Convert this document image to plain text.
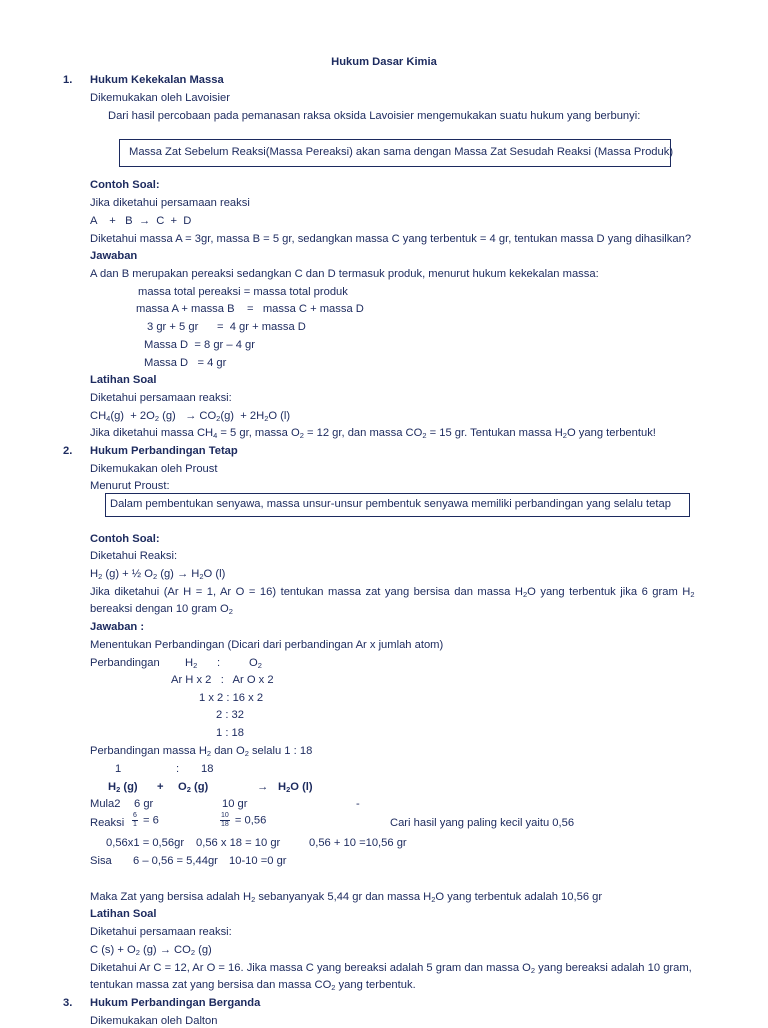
Hukum Dasar Kimia
1. Hukum Kekekalan Massa
Dikemukakan oleh Lavoisier
Dari hasil percobaan pada pemanasan raksa oksida Lavoisier mengemukakan suatu hukum yang berbunyi:
Massa Zat Sebelum Reaksi(Massa Pereaksi) akan sama dengan Massa Zat Sesudah Reaksi (Massa Produk)
Contoh Soal:
Jika diketahui persamaan reaksi
A    +   B  →  C  +  D
Diketahui massa A = 3gr, massa B = 5 gr, sedangkan massa C yang terbentuk = 4 gr, tentukan massa D yang dihasilkan?
Jawaban
A dan B merupakan pereaksi sedangkan C dan D termasuk produk, menurut hukum kekekalan massa:
massa total pereaksi = massa total produk
massa A + massa B    =   massa C + massa D
3 gr + 5 gr      =  4 gr + massa D
Massa D  = 8 gr – 4 gr
Massa D   = 4 gr
Latihan Soal
Diketahui persamaan reaksi:
$CH_4(g) + 2O_2$ $(g) \to CO_2(g) + 2H_2O$ (l)
Jika diketahui massa $CH_4 = 5$ gr, massa $O_2 = 12$ gr, dan massa $CO_2 = 15$ gr. Tentukan massa $H_2O$ yang terbentuk!
2. Hukum Perbandingan Tetap
Dikemukakan oleh Proust
Menurut Proust:
Dalam pembentukan senyawa, massa unsur-unsur pembentuk senyawa memiliki perbandingan yang selalu tetap
Contoh Soal:
Diketahui Reaksi:
$H_2$ (g) + ½ $O_2$ $(g) \to H_2O$ (l)
Jika diketahui (Ar H = 1, Ar O = 16) tentukan massa zat yang bersisa dan massa $H_2O$ yang terbentuk jika 6 gram $H_2$
bereaksi dengan 10 gram $O_2$
Jawaban :
Menentukan Perbandingan (Dicari dari perbandingan Ar x jumlah atom)
Perbandingan $H_2$ :	$O_2$
Ar H x 2   :   Ar O x 2
1 x 2 : 16 x 2
2 : 32
1 : 18
Perbandingan massa $H_2$ dan $O_2$ selalu 1 : 18
1	: 18
$H_2$ $(g) + O_2$ (g)	→ $H_2O$ (l)
Mula2 6 gr	10 gr	-
Reaksi $\frac{6}{1} = 6$	$\frac{10}{18} = 0,56$	Cari hasil yang paling kecil yaitu 0,56
0,56x1 = 0,56gr 0,56 x 18 = 10 gr	0,56 + 10 =10,56 gr
Sisa 6 – 0,56 = 5,44gr 10-10 =0 gr
Maka Zat yang bersisa adalah $H_2$ sebanyanyak 5,44 gr dan massa $H_2O$ yang terbentuk adalah 10,56 gr
Latihan Soal
Diketahui persamaan reaksi:
C $(s) + O_2$ $(g) \to CO_2$ (g)
Diketahui Ar C = 12, Ar O = 16. Jika massa C yang bereaksi adalah 5 gram dan massa $O_2$ yang bereaksi adalah 10 gram,
tentukan massa zat yang bersisa dan massa $CO_2$ yang terbentuk.
3. Hukum Perbandingan Berganda
Dikemukakan oleh Dalton
